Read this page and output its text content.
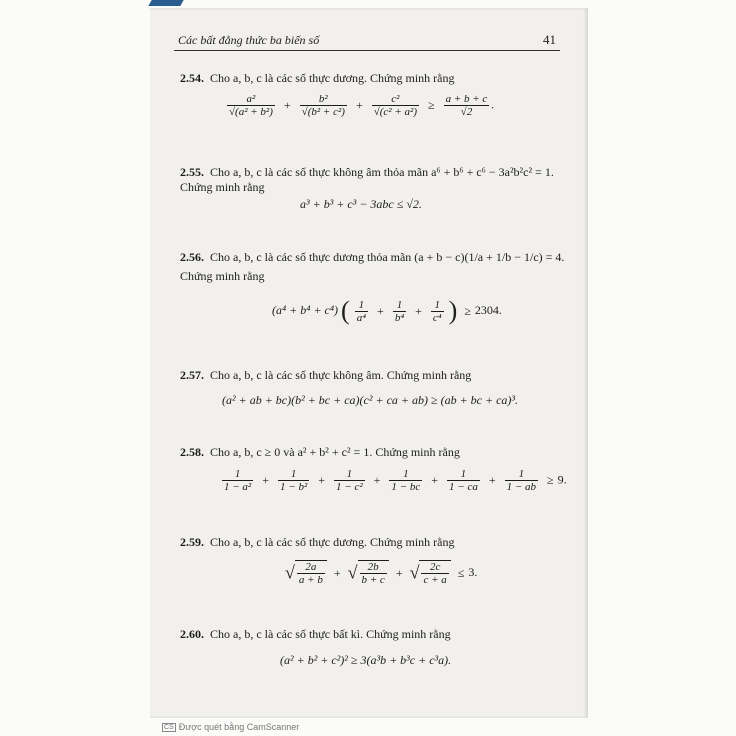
Các bất đẳng thức ba biến số	41
2.54. Cho a, b, c là các số thực dương. Chứng minh rằng
$\frac{\text{a²}}{\text{√(a² + b²)}} + \frac{\text{b²}}{\text{√(b² + c²)}} + \frac{\text{c²}}{\text{√(c² + a²)}} \ge \frac{a + b + c}{√2}$ .
2.55. Cho a, b, c là các số thực không âm thỏa mãn a⁶ + b⁶ + c⁶ − 3a²b²c² = 1.
Chứng minh rằng
a³ + b³ + c³ − 3abc ≤ √2.
2.56. Cho a, b, c là các số thực dương thỏa mãn (a + b − c)(1/a + 1/b − 1/c) = 4.
Chứng minh rằng
(a⁴ + b⁴ + c⁴) ( $\frac{1}{\text{a⁴}} + \frac{1}{\text{b⁴}} + \frac{1}{\text{c⁴}}$ ) ≥ 2304.
2.57. Cho a, b, c là các số thực không âm. Chứng minh rằng
(a² + ab + bc)(b² + bc + ca)(c² + ca + ab) ≥ (ab + bc + ca)³.
2.58. Cho a, b, c ≥ 0 và a² + b² + c² = 1. Chứng minh rằng
$\frac{1}{\text{1 − a²}} + \frac{1}{\text{1 − b²}} + \frac{1}{\text{1 − c²}} + \frac{1}{1 - bc} + \frac{1}{1 - ca} + \frac{1}{1 - ab} \ge 9$.
2.59. Cho a, b, c là các số thực dương. Chứng minh rằng
√ $\frac{2a}{a + b}$ + √ $\frac{2b}{b + c}$ + √ $\frac{2c}{c + a} \le 3$.
2.60. Cho a, b, c là các số thực bất kì. Chứng minh rằng
(a² + b² + c²)² ≥ 3(a³b + b³c + c³a).
CS Được quét bằng CamScanner
